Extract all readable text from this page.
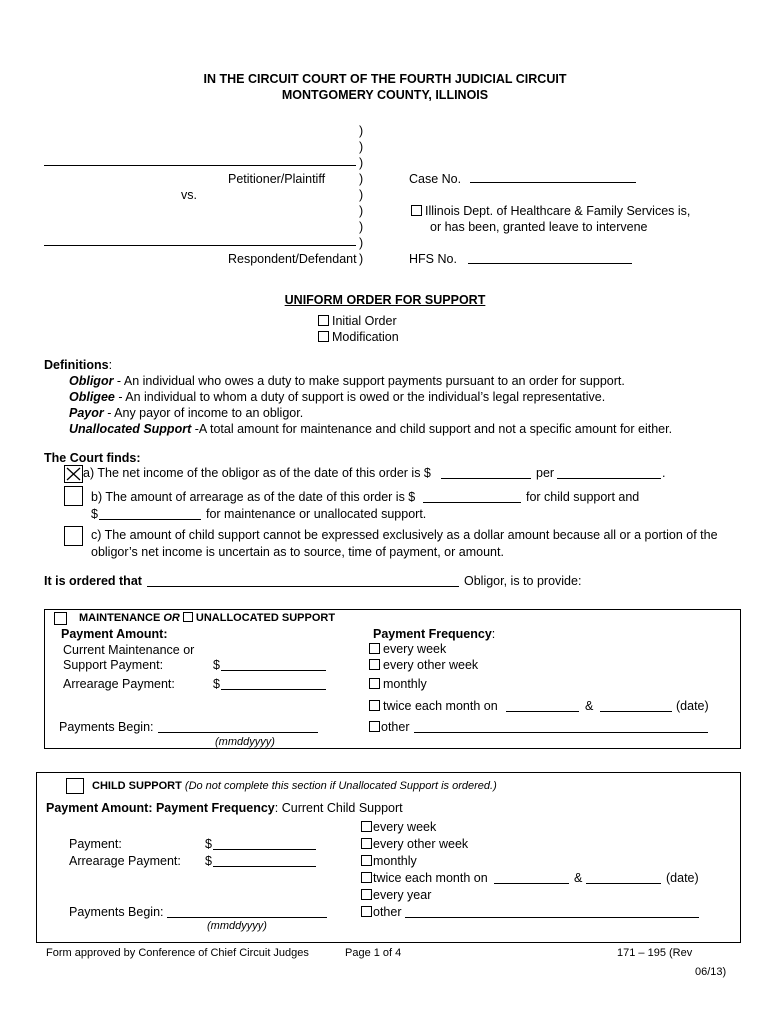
IN THE CIRCUIT COURT OF THE FOURTH JUDICIAL CIRCUIT
MONTGOMERY COUNTY, ILLINOIS
)
)
)
)
)
)
)
)
)
Petitioner/Plaintiff
vs.
Respondent/Defendant
Case No.
Illinois Dept. of Healthcare & Family Services is,
or has been, granted leave to intervene
HFS No.
UNIFORM ORDER FOR SUPPORT
Initial Order
Modification
Definitions:
Obligor - An individual who owes a duty to make support payments pursuant to an order for support.
Obligee - An individual to whom a duty of support is owed or the individual’s legal representative.
Payor - Any payor of income to an obligor.
Unallocated Support -A total amount for maintenance and child support and not a specific amount for either.
The Court finds:
a) The net income of the obligor as of the date of this order is $	per	.
b) The amount of arrearage as of the date of this order is $	for child support and
$	for maintenance or unallocated support.
c) The amount of child support cannot be expressed exclusively as a dollar amount because all or a portion of the
obligor’s net income is uncertain as to source, time of payment, or amount.
It is ordered that	Obligor, is to provide:
MAINTENANCE OR UNALLOCATED SUPPORT
Payment Amount:
Current Maintenance or
Support Payment:	$
Arrearage Payment:	$
Payments Begin:
(mmddyyyy)
Payment Frequency:
every week
every other week
monthly
twice each month on	&	(date)
other
CHILD SUPPORT (Do not complete this section if Unallocated Support is ordered.)
Payment Amount: Payment Frequency: Current Child Support
Payment:	$
Arrearage Payment: $
Payments Begin:
(mmddyyyy)
every week
every other week
monthly
twice each month on	&	(date)
every year
other
Form approved by Conference of Chief Circuit Judges	Page 1 of 4	171 – 195 (Rev
06/13)
